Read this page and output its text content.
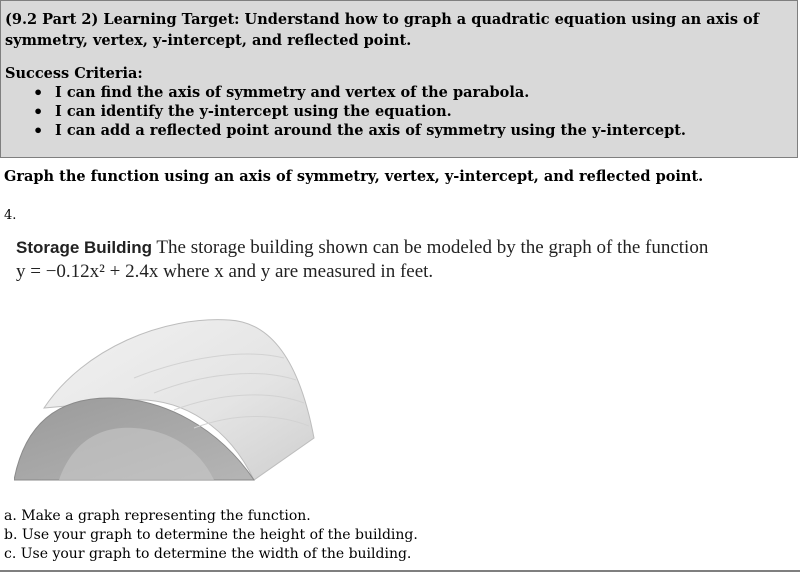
(9.2 Part 2) Learning Target: Understand how to graph a quadratic equation using an axis of symmetry, vertex, y-intercept, and reflected point.

Success Criteria:

• I can find the axis of symmetry and vertex of the parabola.
• I can identify the y-intercept using the equation.
• I can add a reflected point around the axis of symmetry using the y-intercept.

Graph the function using an axis of symmetry, vertex, y-intercept, and reflected point.

4.

Storage Building The storage building shown can be modeled by the graph of the function y = −0.12x² + 2.4x where x and y are measured in feet.
a. Make a graph representing the function.
b. Use your graph to determine the height of the building.
c. Use your graph to determine the width of the building.
